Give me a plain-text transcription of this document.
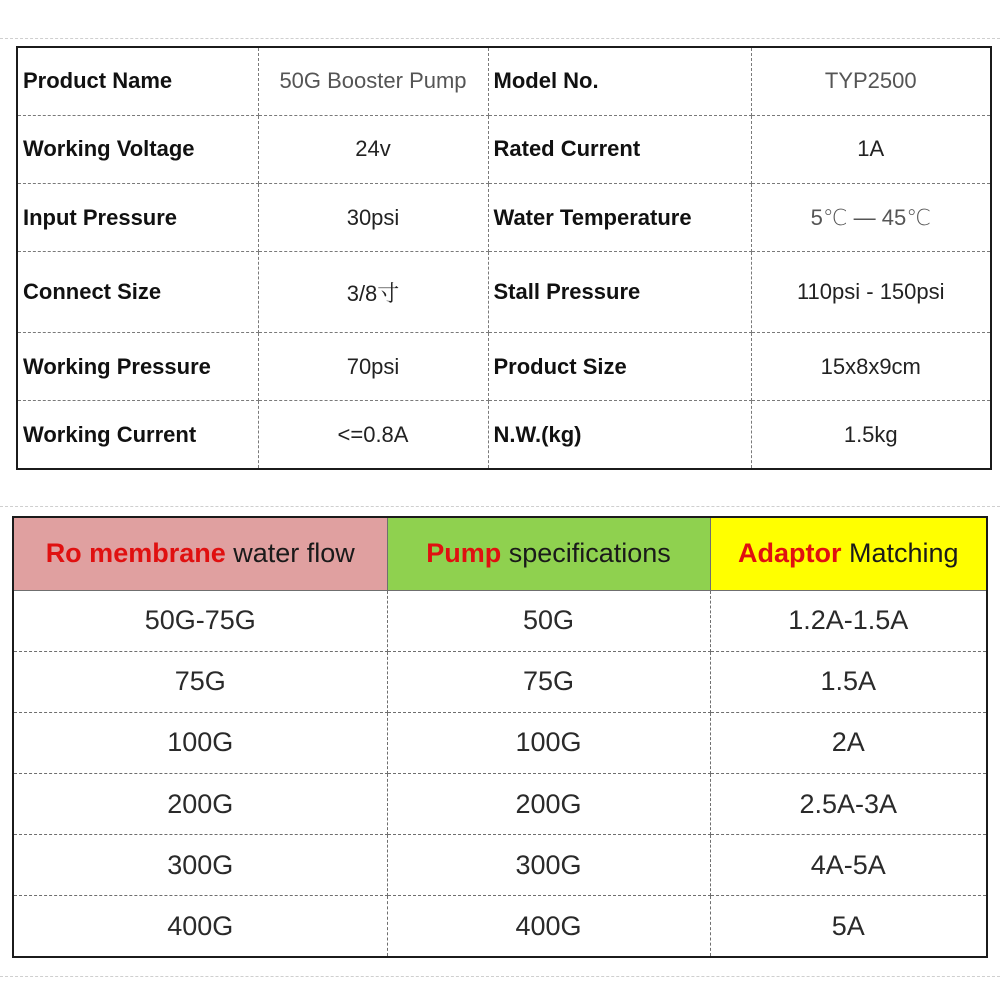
Product Name	50G Booster Pump	Model No.	TYP2500
Working Voltage	24v	Rated Current	1A
Input Pressure	30psi	Water Temperature	5℃ — 45℃
Connect Size	3/8寸	Stall Pressure	110psi - 150psi
Working Pressure	70psi	Product Size	15x8x9cm
Working Current	<=0.8A	N.W.(kg)	1.5kg
Ro membrane water flow	Pump specifications	Adaptor Matching
50G-75G	50G	1.2A-1.5A
75G	75G	1.5A
100G	100G	2A
200G	200G	2.5A-3A
300G	300G	4A-5A
400G	400G	5A
